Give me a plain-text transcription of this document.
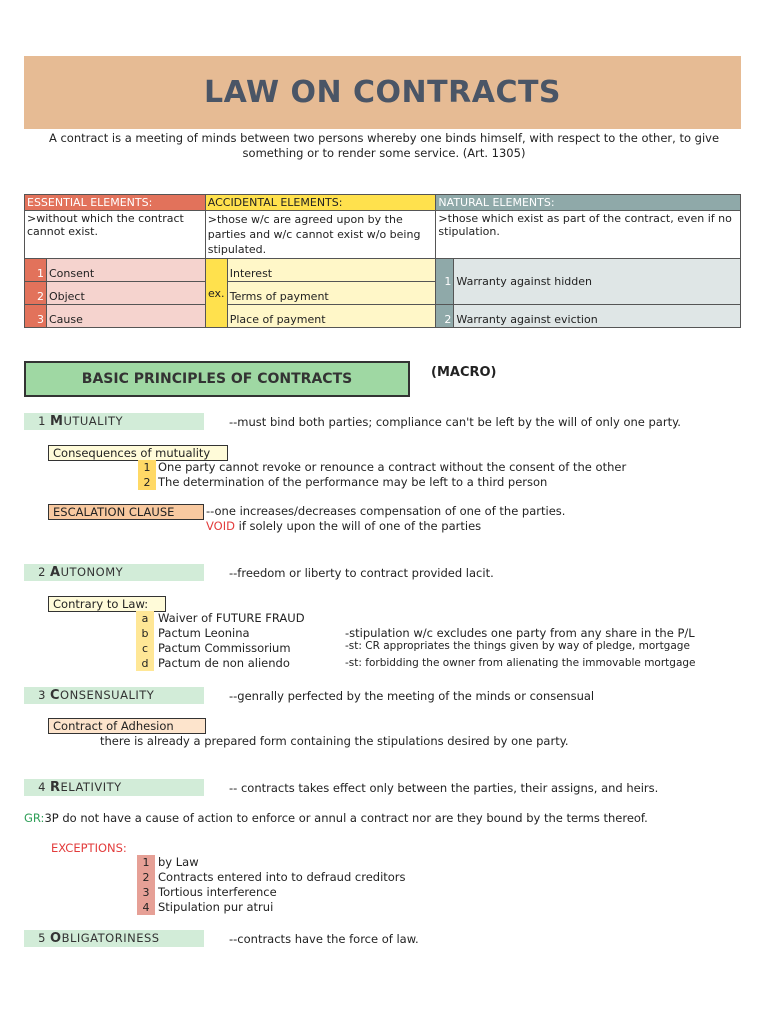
LAW ON CONTRACTS
A contract is a meeting of minds between two persons whereby one binds himself, with respect to the other, to give something or to render some service. (Art. 1305)
ESSENTIAL ELEMENTS:		ACCIDENTAL ELEMENTS:		NATURAL ELEMENTS:	
>without which the contract cannot exist.		>those w/c are agreed upon by the parties and w/c cannot exist w/o being stipulated.		>those which exist as part of the contract, even if no stipulation.	
1	Consent	ex.	Interest	1	Warranty against hidden
2	Object		Terms of payment		
3	Cause		Place of payment	2	Warranty against eviction
BASIC PRINCIPLES OF CONTRACTS	(MACRO)
1 MUTUALITY	--must bind both parties; compliance can't be left by the will of only one party.
Consequences of mutuality
1 One party cannot revoke or renounce a contract without the consent of the other
2 The determination of the performance may be left to a third person
ESCALATION CLAUSE	--one increases/decreases compensation of one of the parties.
VOID if solely upon the will of one of the parties
2 AUTONOMY	--freedom or liberty to contract provided lacit.
Contrary to Law:
a Waiver of FUTURE FRAUD
b Pactum Leonina	-stipulation w/c excludes one party from any share in the P/L
c Pactum Commissorium	-st: CR appropriates the things given by way of pledge, mortgage
d Pactum de non aliendo	-st: forbidding the owner from alienating the immovable mortgage
3 CONSENSUALITY	--genrally perfected by the meeting of the minds or consensual
Contract of Adhesion
there is already a prepared form containing the stipulations desired by one party.
4 RELATIVITY	-- contracts takes effect only between the parties, their assigns, and heirs.
GR:3P do not have a cause of action to enforce or annul a contract nor are they bound by the terms thereof.
EXCEPTIONS:
1 by Law
2 Contracts entered into to defraud creditors
3 Tortious interference
4 Stipulation pur atrui
5 OBLIGATORINESS	--contracts have the force of law.
